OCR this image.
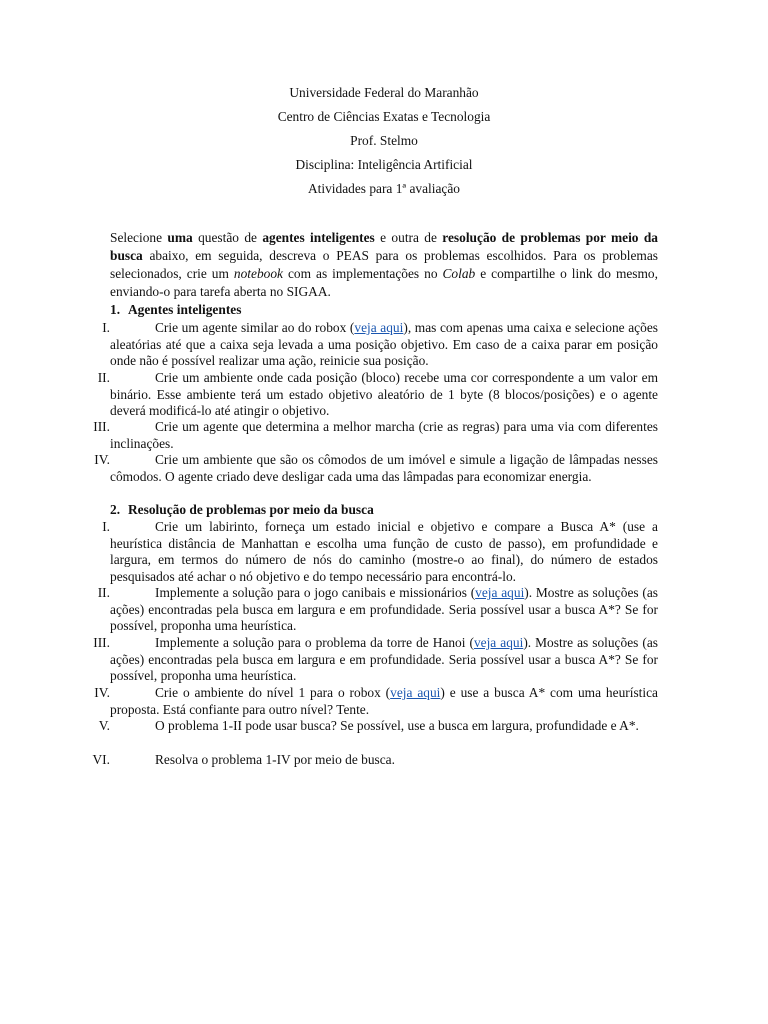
Universidade Federal do Maranhão
Centro de Ciências Exatas e Tecnologia
Prof. Stelmo
Disciplina: Inteligência Artificial
Atividades para 1ª avaliação
Selecione uma questão de agentes inteligentes e outra de resolução de problemas por meio da busca abaixo, em seguida, descreva o PEAS para os problemas escolhidos. Para os problemas selecionados, crie um notebook com as implementações no Colab e compartilhe o link do mesmo, enviando-o para tarefa aberta no SIGAA.
1. Agentes inteligentes
I.	Crie um agente similar ao do robox (veja aqui), mas com apenas uma caixa e selecione ações aleatórias até que a caixa seja levada a uma posição objetivo. Em caso de a caixa parar em posição onde não é possível realizar uma ação, reinicie sua posição.
II.	Crie um ambiente onde cada posição (bloco) recebe uma cor correspondente a um valor em binário. Esse ambiente terá um estado objetivo aleatório de 1 byte (8 blocos/posições) e o agente deverá modificá-lo até atingir o objetivo.
III.	Crie um agente que determina a melhor marcha (crie as regras) para uma via com diferentes inclinações.
IV.	Crie um ambiente que são os cômodos de um imóvel e simule a ligação de lâmpadas nesses cômodos. O agente criado deve desligar cada uma das lâmpadas para economizar energia.
2. Resolução de problemas por meio da busca
I.	Crie um labirinto, forneça um estado inicial e objetivo e compare a Busca A* (use a heurística distância de Manhattan e escolha uma função de custo de passo), em profundidade e largura, em termos do número de nós do caminho (mostre-o ao final), do número de estados pesquisados até achar o nó objetivo e do tempo necessário para encontrá-lo.
II.	Implemente a solução para o jogo canibais e missionários (veja aqui). Mostre as soluções (as ações) encontradas pela busca em largura e em profundidade. Seria possível usar a busca A*? Se for possível, proponha uma heurística.
III.	Implemente a solução para o problema da torre de Hanoi (veja aqui). Mostre as soluções (as ações) encontradas pela busca em largura e em profundidade. Seria possível usar a busca A*? Se for possível, proponha uma heurística.
IV.	Crie o ambiente do nível 1 para o robox (veja aqui) e use a busca A* com uma heurística proposta. Está confiante para outro nível? Tente.
V.	O problema 1-II pode usar busca? Se possível, use a busca em largura, profundidade e A*.
VI.	Resolva o problema 1-IV por meio de busca.
